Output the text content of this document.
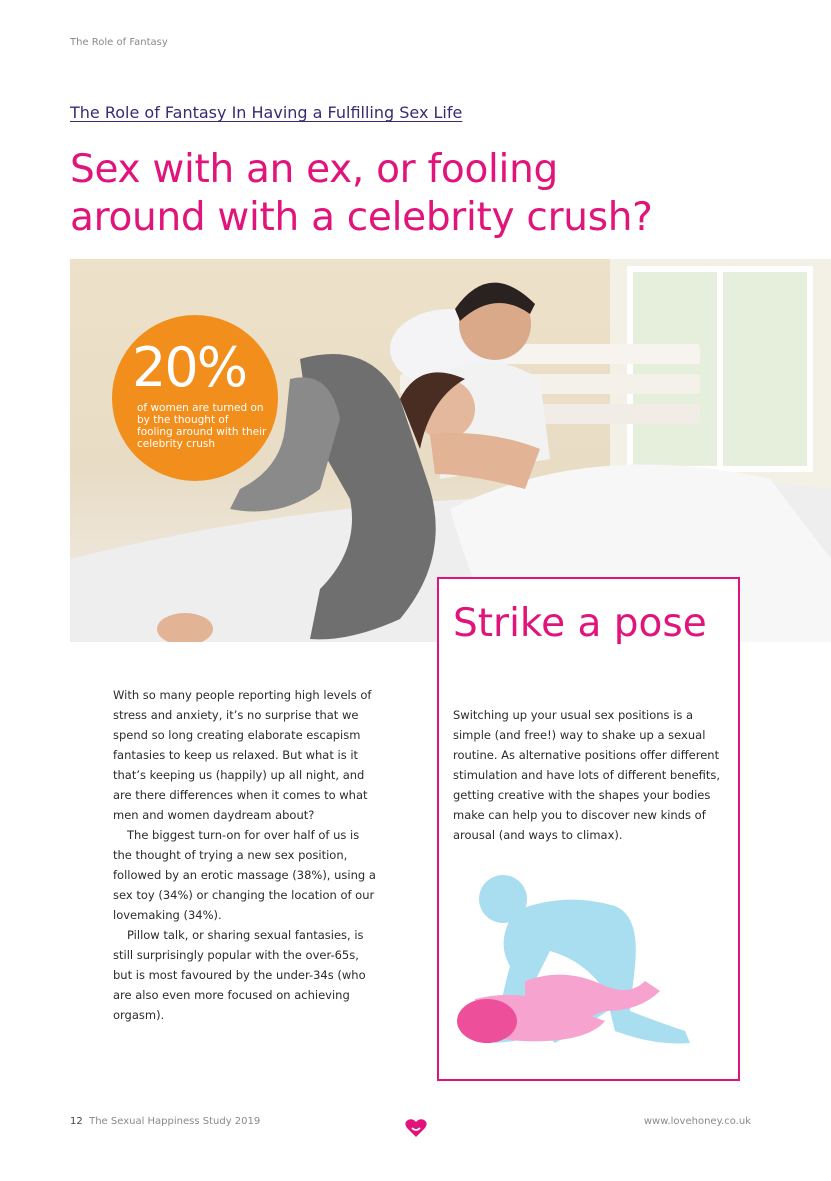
The Role of Fantasy
The Role of Fantasy In Having a Fulfilling Sex Life
Sex with an ex, or fooling
around with a celebrity crush?
20%
of women are turned on by the thought of fooling around with their celebrity crush

With so many people reporting high levels of stress and anxiety, it’s no surprise that we spend so long creating elaborate escapism fantasies to keep us relaxed. But what is it that’s keeping us (happily) up all night, and are there differences when it comes to what men and women daydream about?

The biggest turn-on for over half of us is the thought of trying a new sex position, followed by an erotic massage (38%), using a sex toy (34%) or changing the location of our lovemaking (34%).

Pillow talk, or sharing sexual fantasies, is still surprisingly popular with the over-65s, but is most favoured by the under-34s (who are also even more focused on achieving orgasm).

Strike a pose

Switching up your usual sex positions is a simple (and free!) way to shake up a sexual routine. As alternative positions offer different stimulation and have lots of different benefits, getting creative with the shapes your bodies make can help you to discover new kinds of arousal (and ways to climax).

12 The Sexual Happiness Study 2019	www.lovehoney.co.uk
